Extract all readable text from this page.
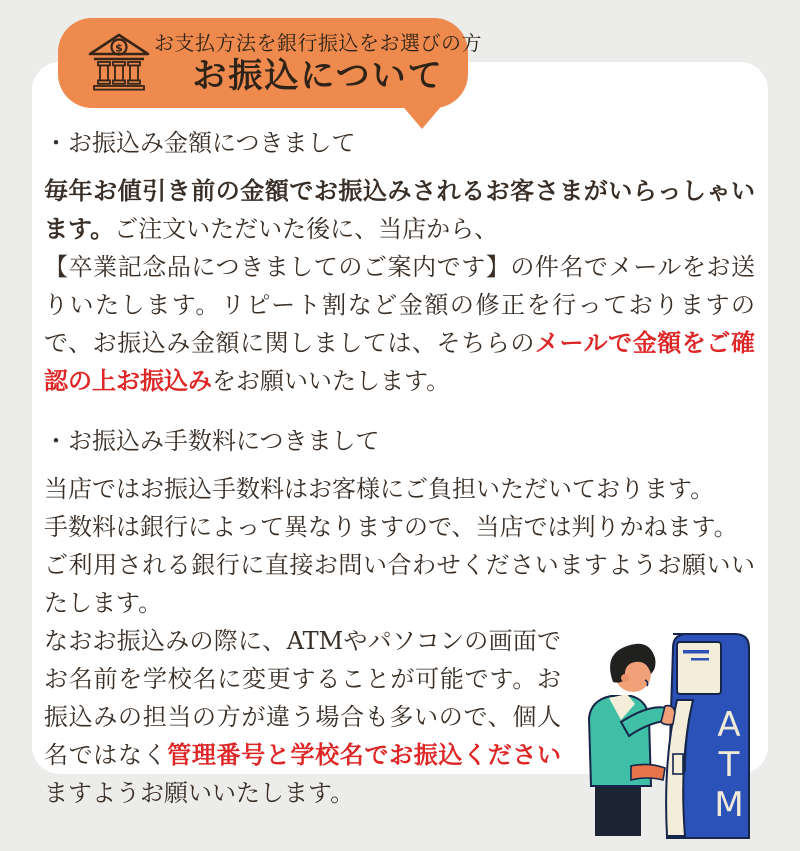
$ お支払方法を銀行振込をお選びの方
お振込について
・お振込み金額につきまして

毎年お値引き前の金額でお振込みされるお客さまがいらっしゃいます。ご注文いただいた後に、当店から、
【卒業記念品につきましてのご案内です】の件名でメールをお送りいたします。リピート割など金額の修正を行っておりますので、お振込み金額に関しましては、そちらのメールで金額をご確認の上お振込みをお願いいたします。

・お振込み手数料につきまして

当店ではお振込手数料はお客様にご負担いただいております。
手数料は銀行によって異なりますので、当店では判りかねます。
ご利用される銀行に直接お問い合わせくださいますようお願いいたします。

A
T
M
なおお振込みの際に、ATMやパソコンの画面でお名前を学校名に変更することが可能です。お振込みの担当の方が違う場合も多いので、個人名ではなく管理番号と学校名でお振込くださいますようお願いいたします。
